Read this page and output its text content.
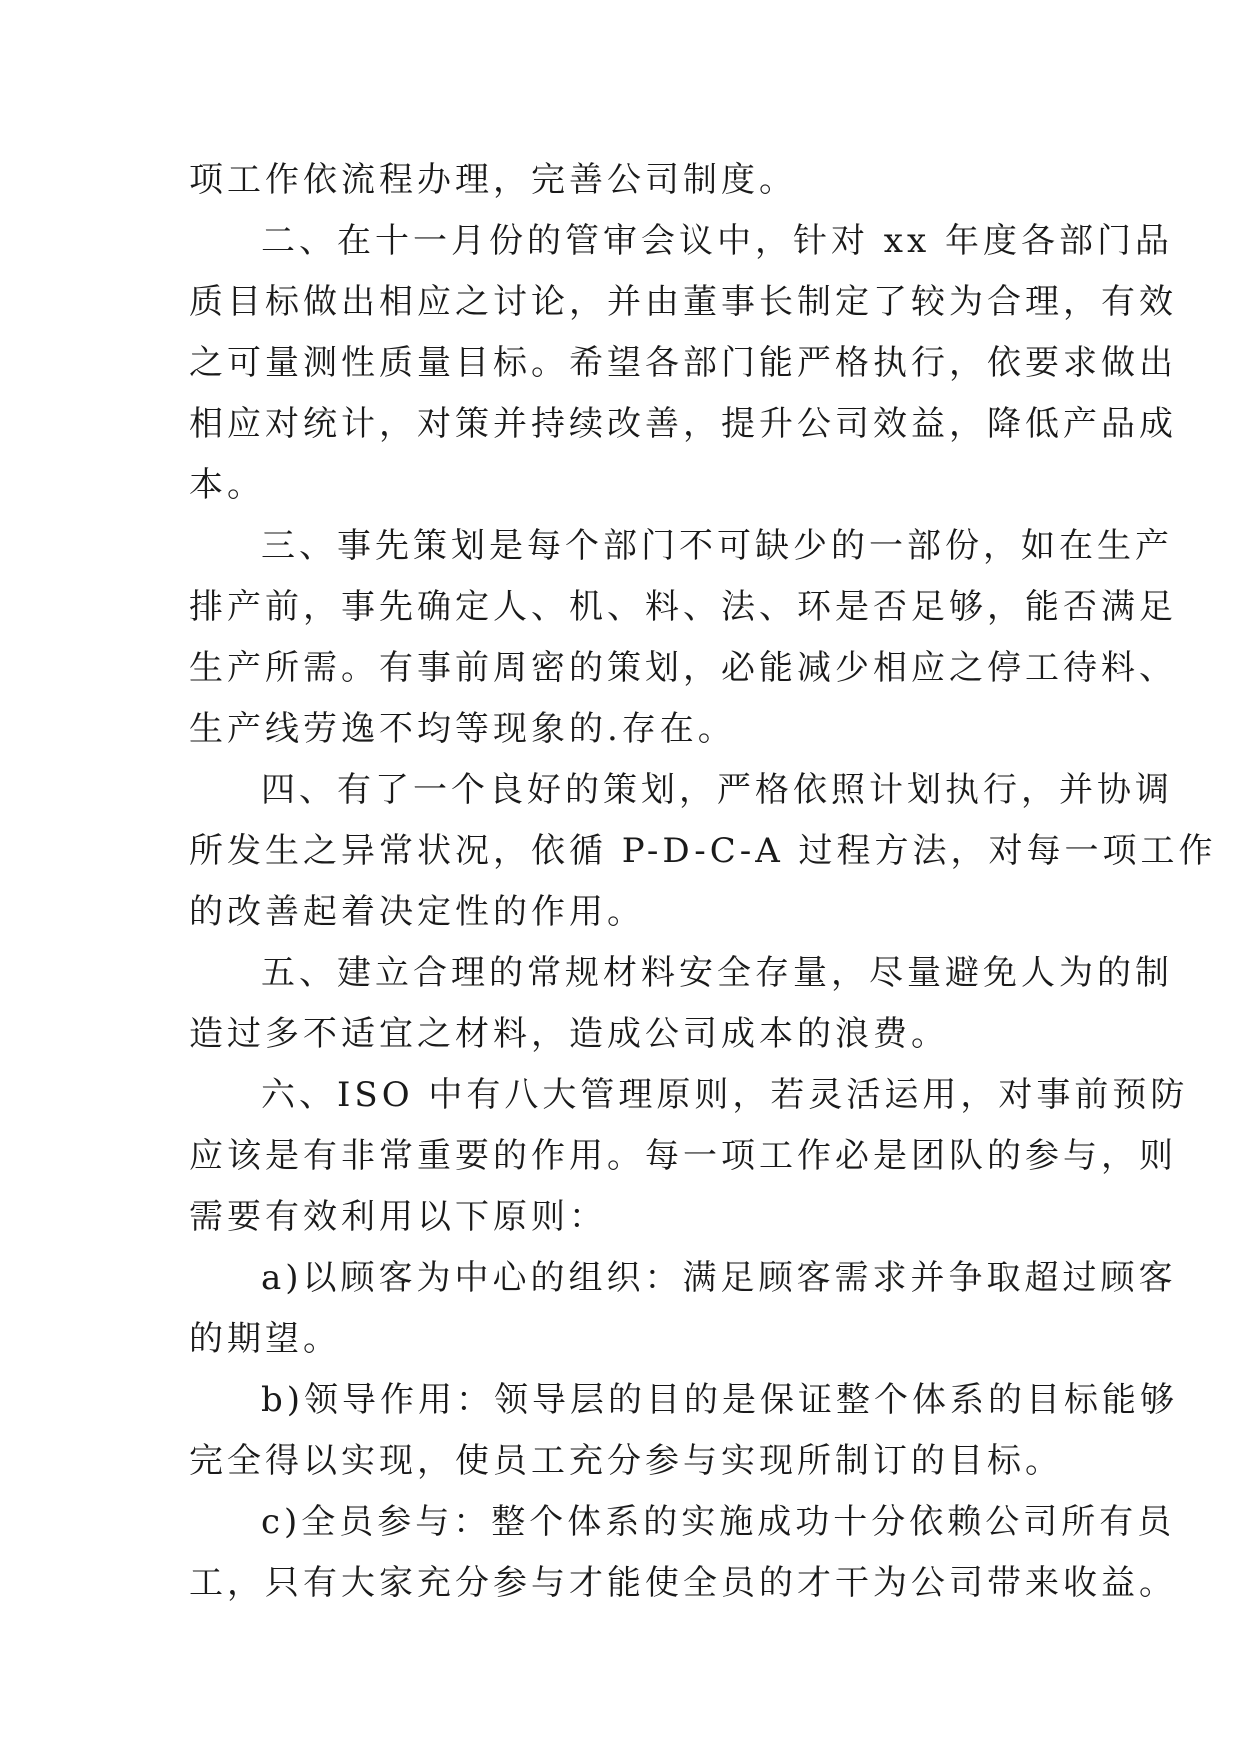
项工作依流程办理，完善公司制度。
二、在十一月份的管审会议中，针对 xx 年度各部门品
质目标做出相应之讨论，并由董事长制定了较为合理，有效
之可量测性质量目标。希望各部门能严格执行，依要求做出
相应对统计，对策并持续改善，提升公司效益，降低产品成
本。
三、事先策划是每个部门不可缺少的一部份，如在生产
排产前，事先确定人、机、料、法、环是否足够，能否满足
生产所需。有事前周密的策划，必能减少相应之停工待料、
生产线劳逸不均等现象的.存在。
四、有了一个良好的策划，严格依照计划执行，并协调
所发生之异常状况，依循 P-D-C-A 过程方法，对每一项工作
的改善起着决定性的作用。
五、建立合理的常规材料安全存量，尽量避免人为的制
造过多不适宜之材料，造成公司成本的浪费。
六、ISO 中有八大管理原则，若灵活运用，对事前预防
应该是有非常重要的作用。每一项工作必是团队的参与，则
需要有效利用以下原则：
a)以顾客为中心的组织：满足顾客需求并争取超过顾客
的期望。
b)领导作用：领导层的目的是保证整个体系的目标能够
完全得以实现，使员工充分参与实现所制订的目标。
c)全员参与：整个体系的实施成功十分依赖公司所有员
工，只有大家充分参与才能使全员的才干为公司带来收益。
